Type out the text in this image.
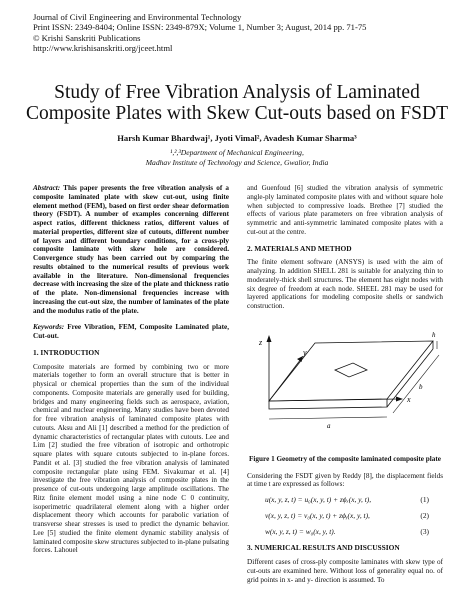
Journal of Civil Engineering and Environmental Technology
Print ISSN: 2349-8404; Online ISSN: 2349-879X; Volume 1, Number 3; August, 2014 pp. 71-75
© Krishi Sanskriti Publications
http://www.krishisanskriti.org/jceet.html
Study of Free Vibration Analysis of Laminated Composite Plates with Skew Cut-outs based on FSDT
Harsh Kumar Bhardwaj¹, Jyoti Vimal², Avadesh Kumar Sharma³
¹,²,³Department of Mechanical Engineering,
Madhav Institute of Technology and Science, Gwalior, India
Abstract: This paper presents the free vibration analysis of a composite laminated plate with skew cut-out, using finite element method (FEM), based on first order shear deformation theory (FSDT). A number of examples concerning different aspect ratios, different thickness ratios, different values of material properties, different size of cutouts, different number of layers and different boundary conditions, for a cross-ply composite laminate with skew hole are considered. Convergence study has been carried out by comparing the results obtained to the numerical results of previous work available in the literature. Non-dimensional frequencies decrease with increasing the size of the plate and thickness ratio of the plate. Non-dimensional frequencies increase with increasing the cut-out size, the number of laminates of the plate and the modulus ratio of the plate.
Keywords: Free Vibration, FEM, Composite Laminated plate, Cut-out.
1. INTRODUCTION

Composite materials are formed by combining two or more materials together to form an overall structure that is better in physical or chemical properties than the sum of the individual components. Composite materials are generally used for building, bridges and many engineering fields such as aerospace, aviation, chemical and nuclear engineering. Many studies have been devoted for free vibration analysis of laminated composite plates with cutouts. Aksu and Ali [1] described a method for the prediction of dynamic characteristics of rectangular plates with cutouts. Lee and Lim [2] studied the free vibration of isotropic and orthotropic square plates with square cutouts subjected to in-plane forces. Pandit et al. [3] studied the free vibration analysis of laminated composite rectangular plate using FEM. Sivakumar et al. [4] investigate the free vibration analysis of composite plates in the presence of cut-outs undergoing large amplitude oscillations. The Ritz finite element model using a nine node C 0 continuity, isoperimetric quadrilateral element along with a higher order displacement theory which accounts for parabolic variation of transverse shear stresses is used to predict the dynamic behavior. Lee [5] studied the finite element dynamic stability analysis of laminated composite skew structures subjected to in-plane pulsating forces. Lahouel

and Guenfoud [6] studied the vibration analysis of symmetric angle-ply laminated composite plates with and without square hole when subjected to compressive loads. Brethee [7] studied the effects of various plate parameters on free vibration analysis of symmetric and anti-symmetric laminated composite plates with a cut-out at the centre.

2. MATERIALS AND METHOD

The finite element software (ANSYS) is used with the aim of analyzing. In addition SHELL 281 is suitable for analyzing thin to moderately-thick shell structures. The element has eight nodes with six degree of freedom at each node. SHEEL 281 may be used for layered applications for modeling composite shells or sandwich construction.

z
y
x
h
a
b
Figure 1 Geometry of the composite laminated composite plate

Considering the FSDT given by Reddy [8], the displacement fields at time t are expressed as follows:

u(x, y, z, t) = u₀(x, y, t) + zϕₓ(x, y, t),	(1)
v(x, y, z, t) = v₀(x, y, t) + zϕᵧ(x, y, t),	(2)
w(x, y, z, t) = w₀(x, y, t).	(3)
3. NUMERICAL RESULTS AND DISCUSSION

Different cases of cross-ply composite laminates with skew type of cut-outs are examined here. Without loss of generality equal no. of grid points in x- and y- direction is assumed. To
